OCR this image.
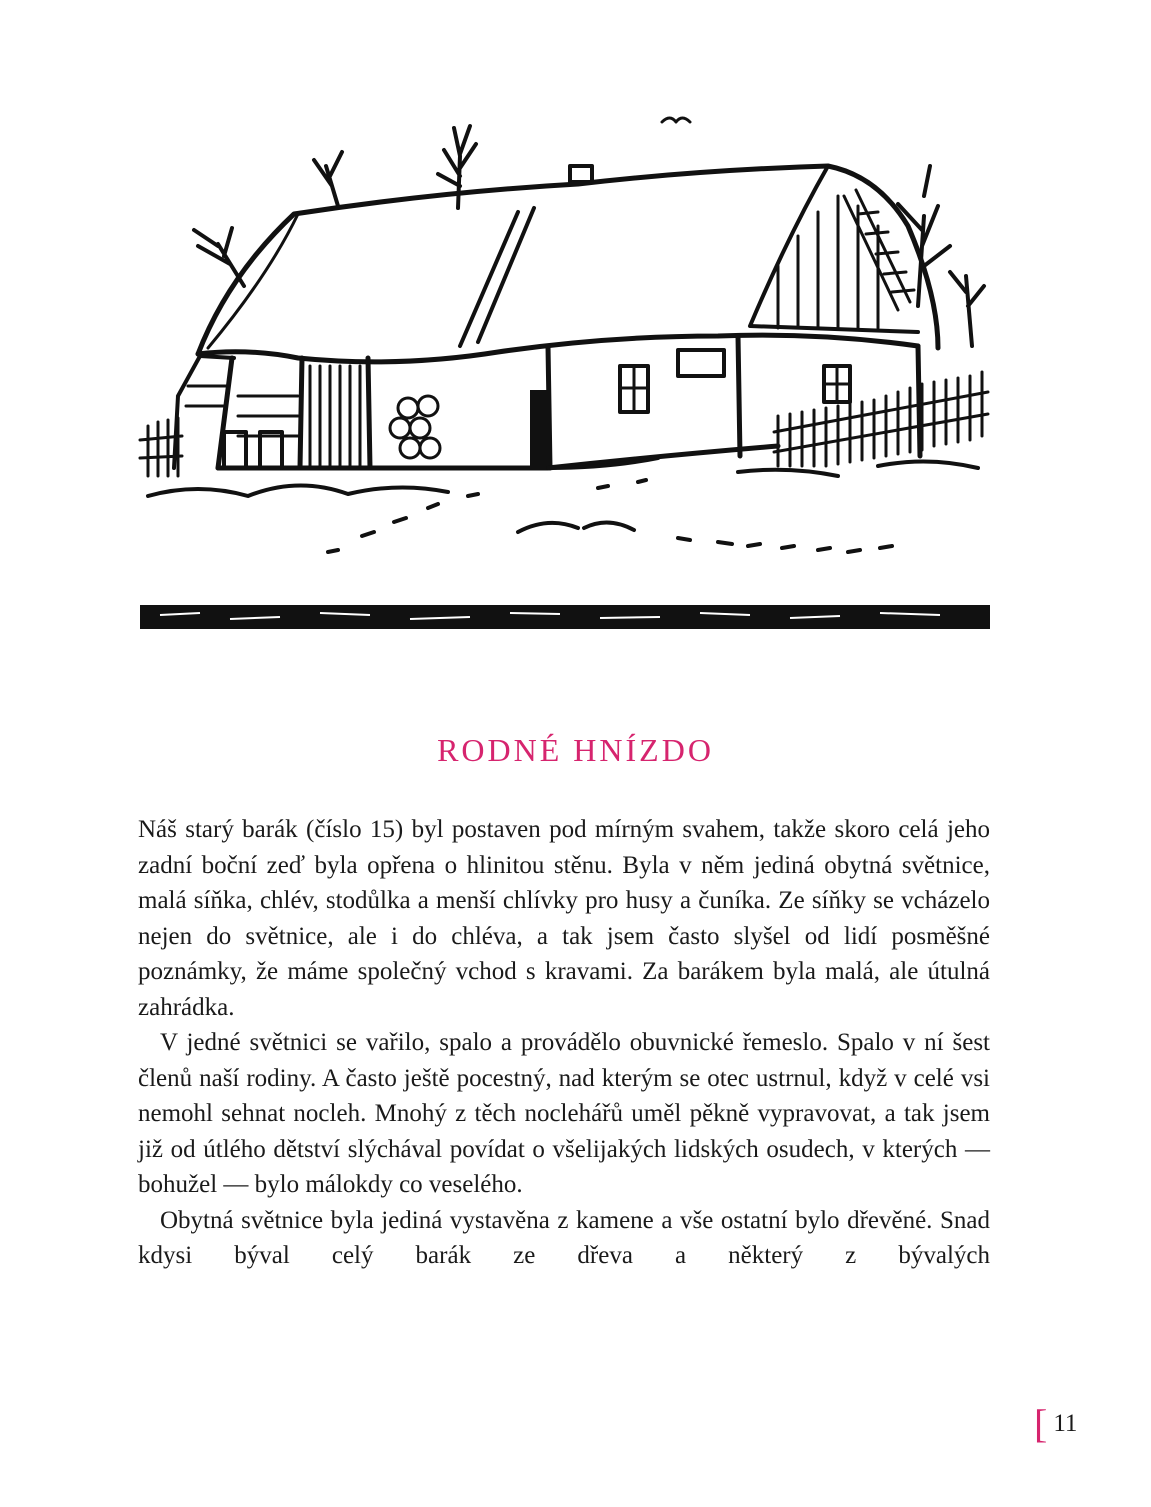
RODNÉ HNÍZDO

Náš starý barák (číslo 15) byl postaven pod mírným svahem, takže skoro celá jeho zadní boční zeď byla opřena o hlinitou stěnu. Byla v něm jediná obytná světnice, malá síňka, chlév, stodůlka a menší chlívky pro husy a čuníka. Ze síňky se vcházelo nejen do světnice, ale i do chléva, a tak jsem často slyšel od lidí posměšné poznámky, že máme společný vchod s kravami. Za barákem byla malá, ale útulná zahrádka.

V jedné světnici se vařilo, spalo a provádělo obuvnické řemeslo. Spalo v ní šest členů naší rodiny. A často ještě pocestný, nad kterým se otec ustrnul, když v celé vsi nemohl sehnat nocleh. Mnohý z těch noclehářů uměl pěkně vypravovat, a tak jsem již od útlého dětství slýchával povídat o všelijakých lidských osudech, v kterých — bohužel — bylo málokdy co veselého.

Obytná světnice byla jediná vystavěna z kamene a vše ostatní bylo dřevěné. Snad kdysi býval celý barák ze dřeva a některý z bývalých

[ 11
